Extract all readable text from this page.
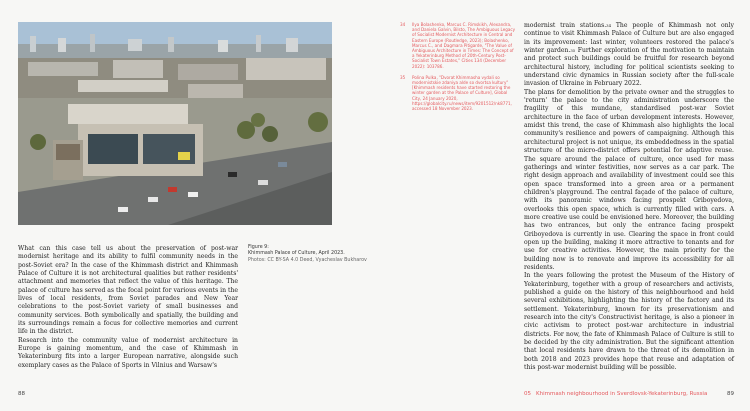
Figure 9:
Khimmash Palace of Culture, April 2023.
Photos: CC BY-SA 4.0 Deed, Vyacheslav Bukharov

What can this case tell us about the preservation of post-war modernist heritage and its ability to fulfil community needs in the post-Soviet era? In the case of the Khimmash district and Khimmash Palace of Culture it is not architectural qualities but rather residents' attachment and memories that reflect the value of this heritage. The palace of culture has served as the focal point for various events in the lives of local residents, from Soviet parades and New Year celebrations to the post-Soviet variety of small businesses and community services. Both symbolically and spatially, the building and its surroundings remain a focus for collective memories and current life in the district.

Research into the community value of modernist architecture in Europe is gaining momentum, and the case of Khimmash in Yekaterinburg fits into a larger European narrative, alongside such exemplary cases as the Palace of Sports in Vilnius and Warsaw's

34	Ilya Bolashenko, Marcus C. Rimskikh, Alexandra, and Daniela Galvin, Bilsto, The Ambiguous Legacy of Socialist Modernist Architecture in Central and Eastern Europe (Routledge, 2023); Bolashenko, Marcus C., and Dagmara Pitigarde, "The Value of Ambiguous Architecture in Times: The Concept of a Yekaterinburg Method of 20th-Century Post-Socialist Town Estates," Cities 134 (December 2022): 103786.
35	Polina Pulka, "Dvorat Khimmasha vydali so modernistskie zdaniya alde so dvortsa kultury" [Khimmash residents have started restoring the winter garden at the Palace of Culture], Global City, 24 January 2020, https://globalcity.ru/news/item/9201512/nk8771, accessed 18 November 2023.

modernist train stations.$^{34}$ The people of Khimmash not only continue to visit Khimmash Palace of Culture but are also engaged in its improvement: last winter, volunteers restored the palace's winter garden.$^{35}$ Further exploration of the motivation to maintain and protect such buildings could be fruitful for research beyond architectural history, including for political scientists seeking to understand civic dynamics in Russian society after the full-scale invasion of Ukraine in February 2022.

The plans for demolition by the private owner and the struggles to 'return' the palace to the city administration underscore the fragility of this mundane, standardised post-war Soviet architecture in the face of urban development interests. However, amidst this trend, the case of Khimmash also highlights the local community's resilience and powers of campaigning. Although this architectural project is not unique, its embeddedness in the spatial structure of the micro-district offers potential for adaptive reuse. The square around the palace of culture, once used for mass gatherings and winter festivities, now serves as a car park. The right design approach and availability of investment could see this open space transformed into a green area or a permanent children's playground. The central façade of the palace of culture, with its panoramic windows facing prospekt Griboyedova, overlooks this open space, which is currently filled with cars. A more creative use could be envisioned here. Moreover, the building has two entrances, but only the entrance facing prospekt Griboyedova is currently in use. Clearing the space in front could open up the building, making it more attractive to tenants and for use for creative activities. However, the main priority for the building now is to renovate and improve its accessibility for all residents.

In the years following the protest the Museum of the History of Yekaterinburg, together with a group of researchers and activists, published a guide on the history of this neighbourhood and held several exhibitions, highlighting the history of the factory and its settlement. Yekaterinburg, known for its preservationism and research into the city's Constructivist heritage, is also a pioneer in civic activism to protect post-war architecture in industrial districts. For now, the fate of Khimmash Palace of Culture is still to be decided by the city administration. But the significant attention that local residents have drawn to the threat of its demolition in both 2018 and 2023 provides hope that reuse and adaptation of this post-war modernist building will be possible.

88	05 Khimmash neighbourhood in Sverdlovsk-Yekaterinburg, Russia	89
